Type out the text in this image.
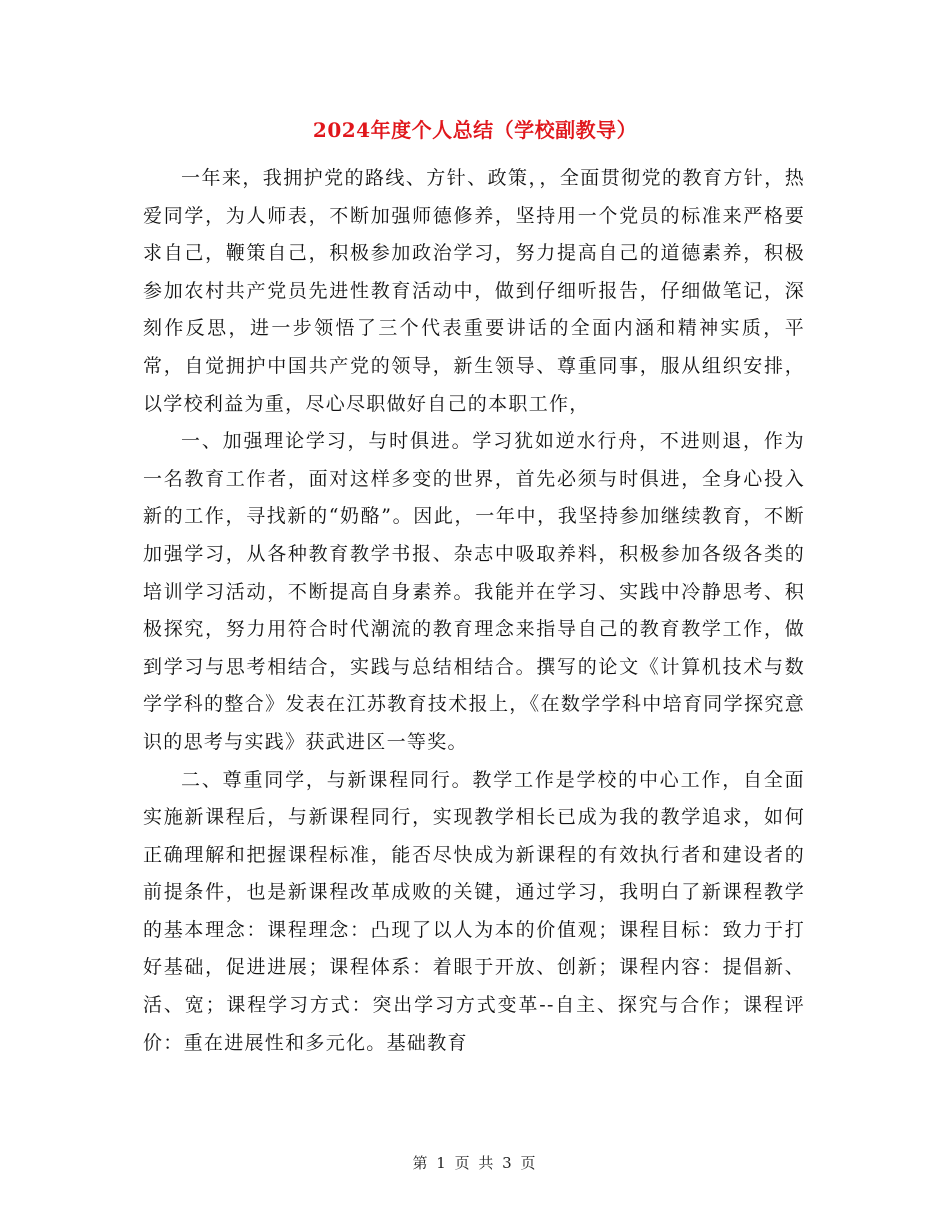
2024年度个人总结（学校副教导）

一年来，我拥护党的路线、方针、政策，，全面贯彻党的教育方针，热爱同学，为人师表，不断加强师德修养，坚持用一个党员的标准来严格要求自己，鞭策自己，积极参加政治学习，努力提高自己的道德素养，积极参加农村共产党员先进性教育活动中，做到仔细听报告，仔细做笔记，深刻作反思，进一步领悟了三个代表重要讲话的全面内涵和精神实质，平常，自觉拥护中国共产党的领导，新生领导、尊重同事，服从组织安排，以学校利益为重，尽心尽职做好自己的本职工作，

一、加强理论学习，与时俱进。学习犹如逆水行舟，不进则退，作为一名教育工作者，面对这样多变的世界，首先必须与时俱进，全身心投入新的工作，寻找新的“奶酪”。因此，一年中，我坚持参加继续教育，不断加强学习，从各种教育教学书报、杂志中吸取养料，积极参加各级各类的培训学习活动，不断提高自身素养。我能并在学习、实践中冷静思考、积极探究，努力用符合时代潮流的教育理念来指导自己的教育教学工作，做到学习与思考相结合，实践与总结相结合。撰写的论文《计算机技术与数学学科的整合》发表在江苏教育技术报上，《在数学学科中培育同学探究意识的思考与实践》获武进区一等奖。

二、尊重同学，与新课程同行。教学工作是学校的中心工作，自全面实施新课程后，与新课程同行，实现教学相长已成为我的教学追求，如何正确理解和把握课程标准，能否尽快成为新课程的有效执行者和建设者的前提条件，也是新课程改革成败的关键，通过学习，我明白了新课程教学的基本理念：课程理念：凸现了以人为本的价值观；课程目标：致力于打好基础，促进进展；课程体系：着眼于开放、创新；课程内容：提倡新、活、宽；课程学习方式：突出学习方式变革--自主、探究与合作；课程评价：重在进展性和多元化。基础教育

第 1 页 共 3 页
